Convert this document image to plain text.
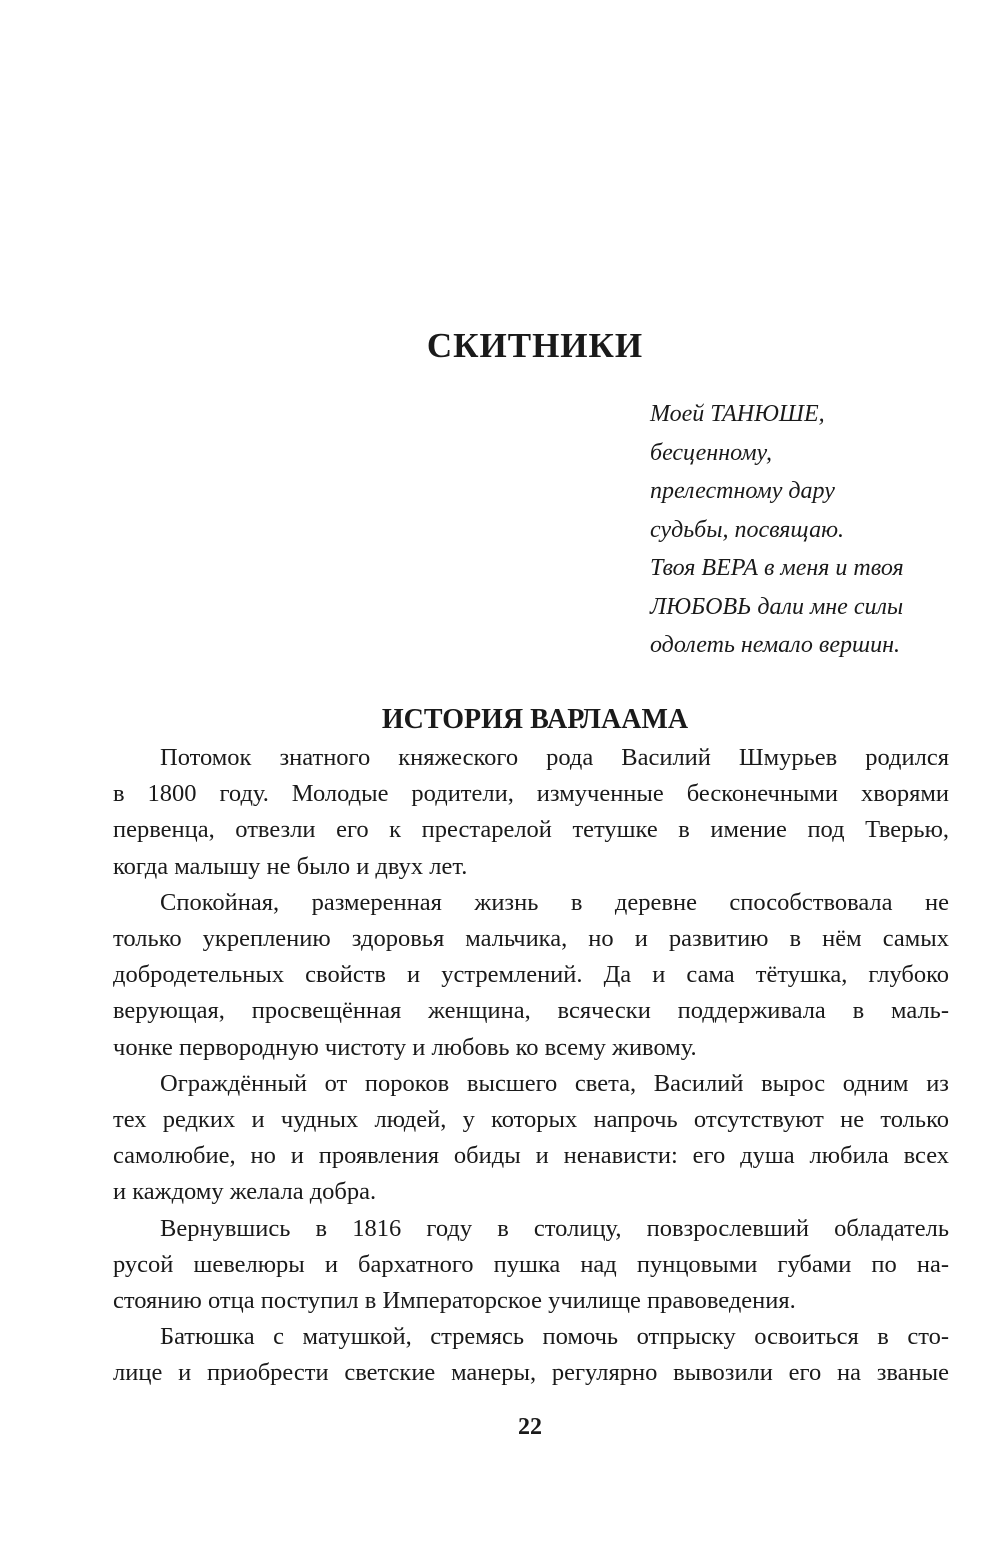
СКИТНИКИ
Моей ТАНЮШЕ,
бесценному,
прелестному дару
судьбы, посвящаю.
Твоя ВЕРА в меня и твоя
ЛЮБОВЬ дали мне силы
одолеть немало вершин.
ИСТОРИЯ ВАРЛААМА
Потомок знатного княжеского рода Василий Шмурьев родился
в 1800 году. Молодые родители, измученные бесконечными хворями
первенца, отвезли его к престарелой тетушке в имение под Тверью,
когда малышу не было и двух лет.
Спокойная, размеренная жизнь в деревне способствовала не
только укреплению здоровья мальчика, но и развитию в нём самых
добродетельных свойств и устремлений. Да и сама тётушка, глубоко
верующая, просвещённая женщина, всячески поддерживала в маль-
чонке первородную чистоту и любовь ко всему живому.
Ограждённый от пороков высшего света, Василий вырос одним из
тех редких и чудных людей, у которых напрочь отсутствуют не только
самолюбие, но и проявления обиды и ненависти: его душа любила всех
и каждому желала добра.
Вернувшись в 1816 году в столицу, повзрослевший обладатель
русой шевелюры и бархатного пушка над пунцовыми губами по на-
стоянию отца поступил в Императорское училище правоведения.
Батюшка с матушкой, стремясь помочь отпрыску освоиться в сто-
лице и приобрести светские манеры, регулярно вывозили его на званые
22
